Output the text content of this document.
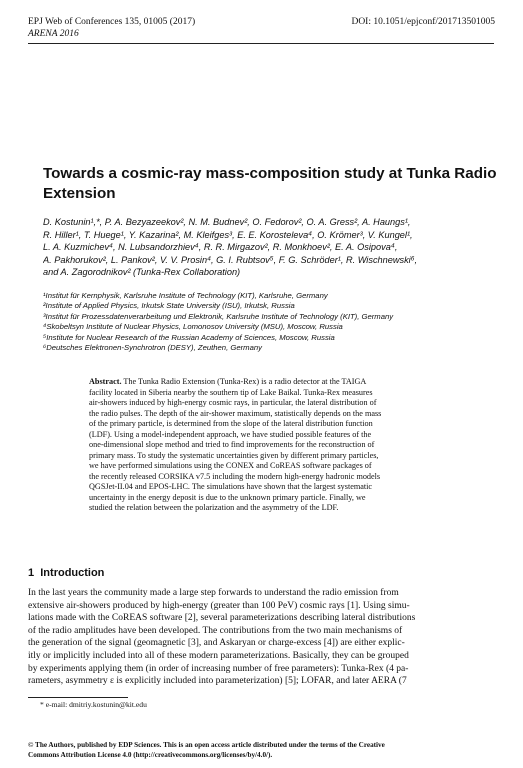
EPJ Web of Conferences 135, 01005 (2017)	DOI: 10.1051/epjconf/201713501005
ARENA 2016
Towards a cosmic-ray mass-composition study at Tunka Radio
Extension
D. Kostunin¹,*, P. A. Bezyazeekov², N. M. Budnev², O. Fedorov², O. A. Gress², A. Haungs¹,
R. Hiller¹, T. Huege¹, Y. Kazarina², M. Kleifges³, E. E. Korosteleva⁴, O. Krömer³, V. Kungel¹,
L. A. Kuzmichev⁴, N. Lubsandorzhiev⁴, R. R. Mirgazov², R. Monkhoev², E. A. Osipova⁴,
A. Pakhorukov², L. Pankov², V. V. Prosin⁴, G. I. Rubtsov⁵, F. G. Schröder¹, R. Wischnewski⁶,
and A. Zagorodnikov² (Tunka-Rex Collaboration)
¹Institut für Kernphysik, Karlsruhe Institute of Technology (KIT), Karlsruhe, Germany
²Institute of Applied Physics, Irkutsk State University (ISU), Irkutsk, Russia
³Institut für Prozessdatenverarbeitung und Elektronik, Karlsruhe Institute of Technology (KIT), Germany
⁴Skobeltsyn Institute of Nuclear Physics, Lomonosov University (MSU), Moscow, Russia
⁵Institute for Nuclear Research of the Russian Academy of Sciences, Moscow, Russia
⁶Deutsches Elektronen-Synchrotron (DESY), Zeuthen, Germany
Abstract. The Tunka Radio Extension (Tunka-Rex) is a radio detector at the TAIGA
facility located in Siberia nearby the southern tip of Lake Baikal. Tunka-Rex measures
air-showers induced by high-energy cosmic rays, in particular, the lateral distribution of
the radio pulses. The depth of the air-shower maximum, statistically depends on the mass
of the primary particle, is determined from the slope of the lateral distribution function
(LDF). Using a model-independent approach, we have studied possible features of the
one-dimensional slope method and tried to find improvements for the reconstruction of
primary mass. To study the systematic uncertainties given by different primary particles,
we have performed simulations using the CONEX and CoREAS software packages of
the recently released CORSIKA v7.5 including the modern high-energy hadronic models
QGSJet-II.04 and EPOS-LHC. The simulations have shown that the largest systematic
uncertainty in the energy deposit is due to the unknown primary particle. Finally, we
studied the relation between the polarization and the asymmetry of the LDF.
1 Introduction
In the last years the community made a large step forwards to understand the radio emission from
extensive air-showers produced by high-energy (greater than 100 PeV) cosmic rays [1]. Using simu-
lations made with the CoREAS software [2], several parameterizations describing lateral distributions
of the radio amplitudes have been developed. The contributions from the two main mechanisms of
the generation of the signal (geomagnetic [3], and Askaryan or charge-excess [4]) are either explic-
itly or implicitly included into all of these modern parameterizations. Basically, they can be grouped
by experiments applying them (in order of increasing number of free parameters): Tunka-Rex (4 pa-
rameters, asymmetry ε is explicitly included into parameterization) [5]; LOFAR, and later AERA (7
* e-mail: dmitriy.kostunin@kit.edu
© The Authors, published by EDP Sciences. This is an open access article distributed under the terms of the Creative
Commons Attribution License 4.0 (http://creativecommons.org/licenses/by/4.0/).
